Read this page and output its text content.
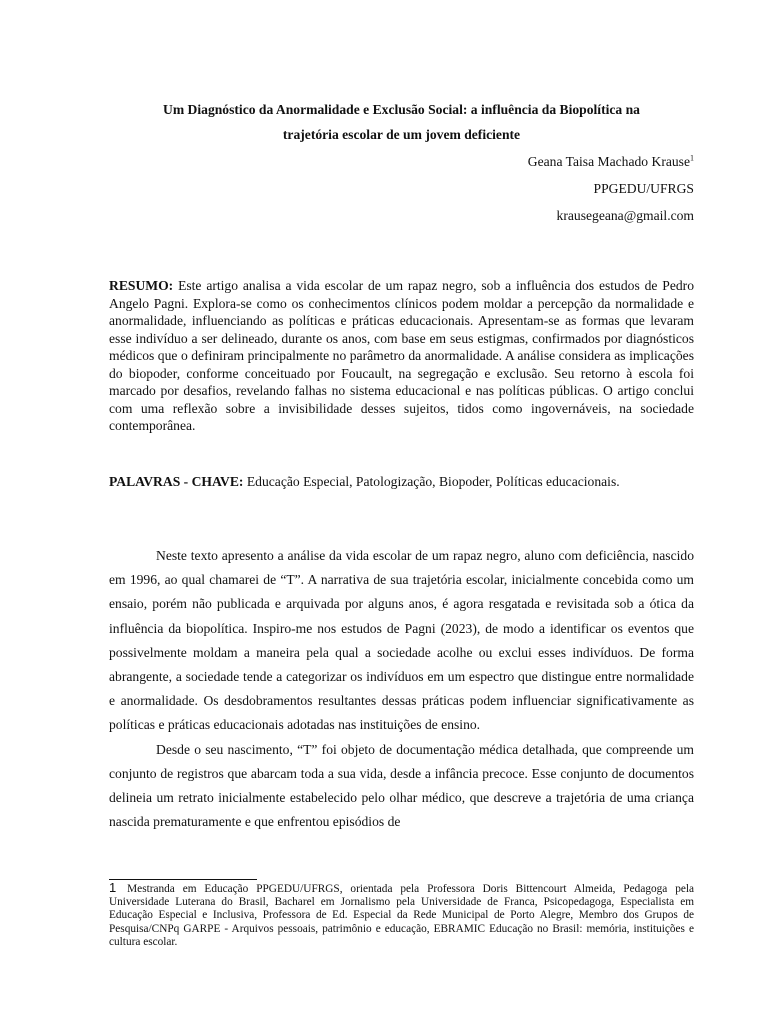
Um Diagnóstico da Anormalidade e Exclusão Social: a influência da Biopolítica na
trajetória escolar de um jovem deficiente
Geana Taisa Machado Krause$^1$
PPGEDU/UFRGS
krausegeana@gmail.com
RESUMO: Este artigo analisa a vida escolar de um rapaz negro, sob a influência dos estudos de Pedro Angelo Pagni. Explora-se como os conhecimentos clínicos podem moldar a percepção da normalidade e anormalidade, influenciando as políticas e práticas educacionais. Apresentam-se as formas que levaram esse indivíduo a ser delineado, durante os anos, com base em seus estigmas, confirmados por diagnósticos médicos que o definiram principalmente no parâmetro da anormalidade. A análise considera as implicações do biopoder, conforme conceituado por Foucault, na segregação e exclusão. Seu retorno à escola foi marcado por desafios, revelando falhas no sistema educacional e nas políticas públicas. O artigo conclui com uma reflexão sobre a invisibilidade desses sujeitos, tidos como ingovernáveis, na sociedade contemporânea.
PALAVRAS - CHAVE: Educação Especial, Patologização, Biopoder, Políticas educacionais.

Neste texto apresento a análise da vida escolar de um rapaz negro, aluno com deficiência, nascido em 1996, ao qual chamarei de “T”. A narrativa de sua trajetória escolar, inicialmente concebida como um ensaio, porém não publicada e arquivada por alguns anos, é agora resgatada e revisitada sob a ótica da influência da biopolítica. Inspiro-me nos estudos de Pagni (2023), de modo a identificar os eventos que possivelmente moldam a maneira pela qual a sociedade acolhe ou exclui esses indivíduos. De forma abrangente, a sociedade tende a categorizar os indivíduos em um espectro que distingue entre normalidade e anormalidade. Os desdobramentos resultantes dessas práticas podem influenciar significativamente as políticas e práticas educacionais adotadas nas instituições de ensino.

Desde o seu nascimento, “T” foi objeto de documentação médica detalhada, que compreende um conjunto de registros que abarcam toda a sua vida, desde a infância precoce. Esse conjunto de documentos delineia um retrato inicialmente estabelecido pelo olhar médico, que descreve a trajetória de uma criança nascida prematuramente e que enfrentou episódios de

1 Mestranda em Educação PPGEDU/UFRGS, orientada pela Professora Doris Bittencourt Almeida, Pedagoga pela Universidade Luterana do Brasil, Bacharel em Jornalismo pela Universidade de Franca, Psicopedagoga, Especialista em Educação Especial e Inclusiva, Professora de Ed. Especial da Rede Municipal de Porto Alegre, Membro dos Grupos de Pesquisa/CNPq GARPE - Arquivos pessoais, patrimônio e educação, EBRAMIC Educação no Brasil: memória, instituições e cultura escolar.
